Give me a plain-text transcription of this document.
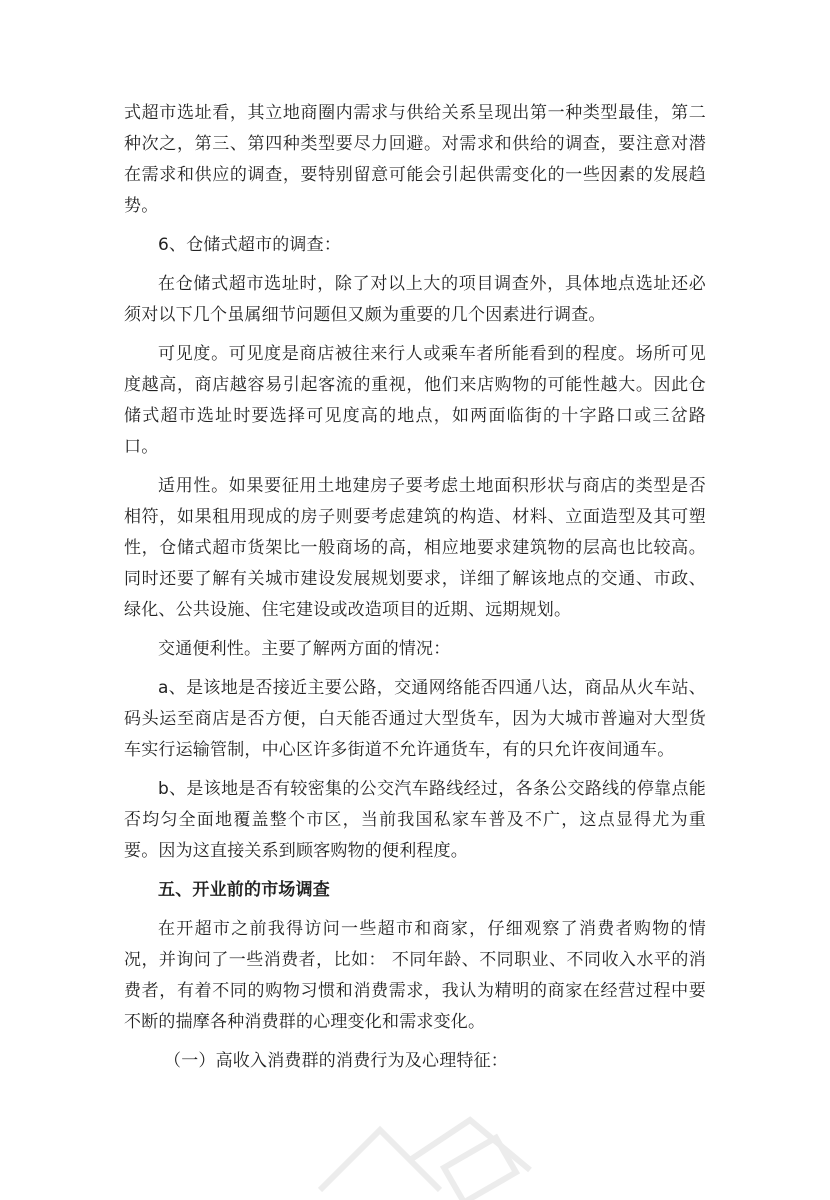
式超市选址看，其立地商圈内需求与供给关系呈现出第一种类型最佳，第二种次之，第三、第四种类型要尽力回避。对需求和供给的调查，要注意对潜在需求和供应的调查，要特别留意可能会引起供需变化的一些因素的发展趋势。

6、仓储式超市的调查：

在仓储式超市选址时，除了对以上大的项目调查外，具体地点选址还必须对以下几个虽属细节问题但又颇为重要的几个因素进行调查。

可见度。可见度是商店被往来行人或乘车者所能看到的程度。场所可见度越高，商店越容易引起客流的重视，他们来店购物的可能性越大。因此仓储式超市选址时要选择可见度高的地点，如两面临街的十字路口或三岔路口。

适用性。如果要征用土地建房子要考虑土地面积形状与商店的类型是否相符，如果租用现成的房子则要考虑建筑的构造、材料、立面造型及其可塑性，仓储式超市货架比一般商场的高，相应地要求建筑物的层高也比较高。同时还要了解有关城市建设发展规划要求，详细了解该地点的交通、市政、绿化、公共设施、住宅建设或改造项目的近期、远期规划。

交通便利性。主要了解两方面的情况：

a、是该地是否接近主要公路，交通网络能否四通八达，商品从火车站、码头运至商店是否方便，白天能否通过大型货车，因为大城市普遍对大型货车实行运输管制，中心区许多街道不允许通货车，有的只允许夜间通车。

b、是该地是否有较密集的公交汽车路线经过，各条公交路线的停靠点能否均匀全面地覆盖整个市区，当前我国私家车普及不广，这点显得尤为重要。因为这直接关系到顾客购物的便利程度。

五、开业前的市场调查

在开超市之前我得访问一些超市和商家，仔细观察了消费者购物的情况，并询问了一些消费者，比如： 不同年龄、不同职业、不同收入水平的消费者，有着不同的购物习惯和消费需求，我认为精明的商家在经营过程中要不断的揣摩各种消费群的心理变化和需求变化。

（一）高收入消费群的消费行为及心理特征：
